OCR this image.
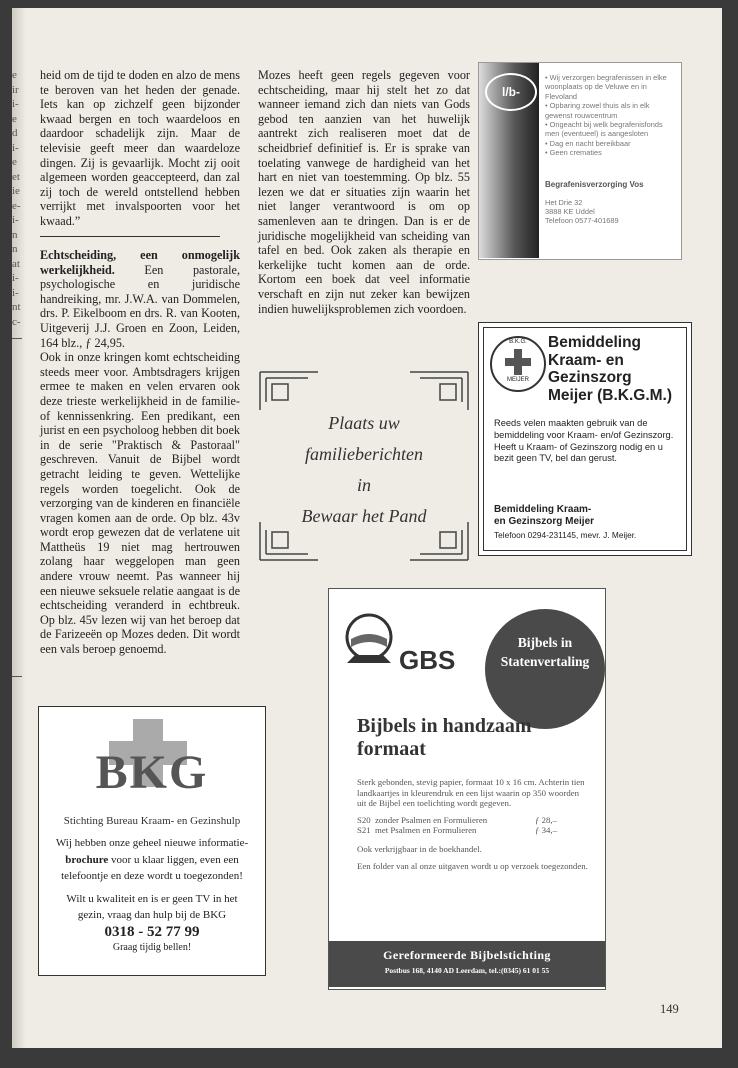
e ir i- e d i- e et ie e- i- n n at i- i- nt c-

heid om de tijd te doden en alzo de mens te beroven van het heden der genade. Iets kan op zichzelf geen bijzonder kwaad bergen en toch waardeloos en daardoor schadelijk zijn. Maar de televisie geeft meer dan waardeloze dingen. Zij is gevaarlijk. Mocht zij ooit algemeen worden geaccepteerd, dan zal zij toch de wereld ontstellend hebben verrijkt met invalspoorten voor het kwaad.”

Echtscheiding, een onmogelijk werkelijkheid. Een pastorale, psychologische en juridische handreiking, mr. J.W.A. van Dommelen, drs. P. Eikelboom en drs. R. van Kooten, Uitgeverij J.J. Groen en Zoon, Leiden, 164 blz., ƒ 24,95.

Ook in onze kringen komt echtscheiding steeds meer voor. Ambtsdragers krijgen ermee te maken en velen ervaren ook deze trieste werkelijkheid in de familie- of kennissenkring. Een predikant, een jurist en een psycholoog hebben dit boek in de serie "Praktisch & Pastoraal" geschreven. Vanuit de Bijbel wordt getracht leiding te geven. Wettelijke regels worden toegelicht. Ook de verzorging van de kinderen en financiële vragen komen aan de orde. Op blz. 43v wordt erop gewezen dat de verlatene uit Mattheüs 19 niet mag hertrouwen zolang haar weggelopen man geen andere vrouw neemt. Pas wanneer hij een nieuwe seksuele relatie aangaat is de echtscheiding veranderd in echtbreuk. Op blz. 45v lezen wij van het beroep dat de Farizeeën op Mozes deden. Dit wordt een vals beroep genoemd.

Mozes heeft geen regels gegeven voor echtscheiding, maar hij stelt het zo dat wanneer iemand zich dan niets van Gods gebod ten aanzien van het huwelijk aantrekt zich realiseren moet dat de scheidbrief definitief is. Er is sprake van toelating vanwege de hardigheid van het hart en niet van toestemming. Op blz. 55 lezen we dat er situaties zijn waarin het niet langer verantwoord is om op samenleven aan te dringen. Dan is er de juridische mogelijkheid van scheiding van tafel en bed. Ook zaken als therapie en kerkelijke tucht komen aan de orde. Kortom een boek dat veel informatie verschaft en zijn nut zeker kan bewijzen indien huwelijksproblemen zich voordoen.

l/b-
• Wij verzorgen begrafenissen in elke woonplaats op de Veluwe en in Flevoland
• Opbaring zowel thuis als in elk gewenst rouwcentrum
• Ongeacht bij welk begrafenisfonds men (eventueel) is aangesloten
• Dag en nacht bereikbaar
• Geen crematies
Begrafenisverzorging Vos
Het Drie 32
3888 KE Uddel
Telefoon 0577-401689
B.K.G.
MEIJER
Bemiddeling
Kraam- en
Gezinszorg
Meijer (B.K.G.M.)

Reeds velen maakten gebruik van de bemiddeling voor Kraam- en/of Gezinszorg.

Heeft u Kraam- of Gezinszorg nodig en u bezit geen TV, bel dan gerust.

Bemiddeling Kraam-
en Gezinszorg Meijer
Telefoon 0294-231145, mevr. J. Meijer.
Plaats uw
familieberichten
in
Bewaar het Pand
BKG
Stichting Bureau Kraam- en Gezinshulp

Wij hebben onze geheel nieuwe informatie-brochure voor u klaar liggen, even een telefoontje en deze wordt u toegezonden!

Wilt u kwaliteit en is er geen TV in het gezin, vraag dan hulp bij de BKG

0318 - 52 77 99

Graag tijdig bellen!

GBS
Bijbels in
Statenvertaling
Bijbels in handzaam formaat

Sterk gebonden, stevig papier, formaat 10 x 16 cm. Achterin tien landkaartjes in kleurendruk en een lijst waarin op 350 woorden uit de Bijbel een toelichting wordt gegeven.

S20 zonder Psalmen en Formulieren	ƒ 28,–
S21 met Psalmen en Formulieren	ƒ 34,–

Ook verkrijgbaar in de boekhandel.

Een folder van al onze uitgaven wordt u op verzoek toegezonden.

Gereformeerde Bijbelstichting
Postbus 168, 4140 AD Leerdam, tel.:(0345) 61 01 55
149
